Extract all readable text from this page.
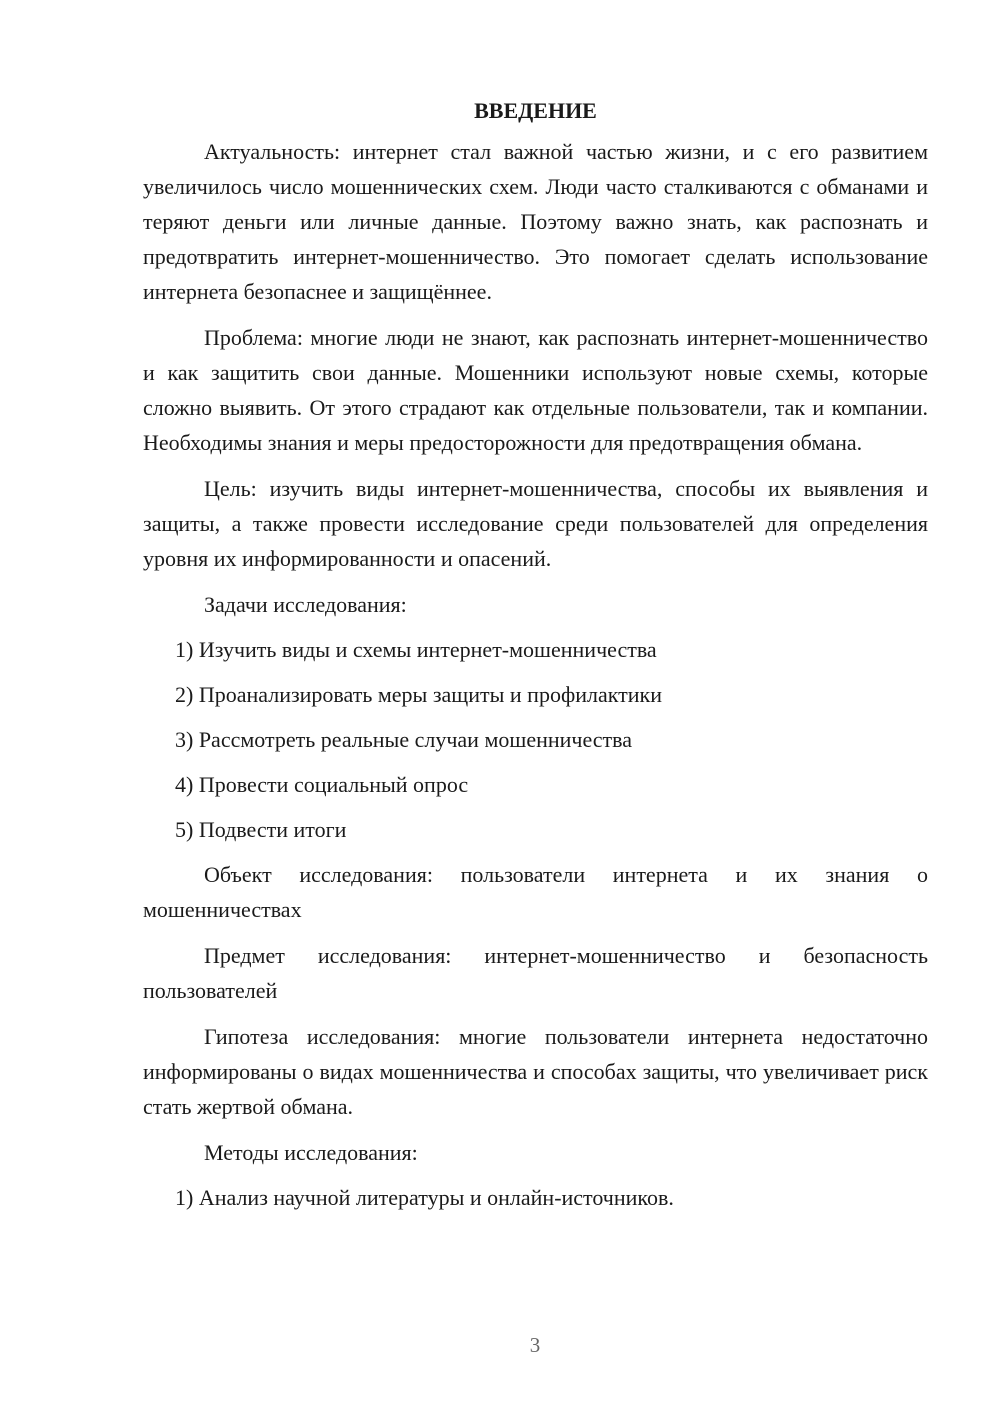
ВВЕДЕНИЕ

Актуальность: интернет стал важной частью жизни, и с его развитием увеличилось число мошеннических схем. Люди часто сталкиваются с обманами и теряют деньги или личные данные. Поэтому важно знать, как распознать и предотвратить интернет-мошенничество. Это помогает сделать использование интернета безопаснее и защищённее.

Проблема: многие люди не знают, как распознать интернет-мошенничество и как защитить свои данные. Мошенники используют новые схемы, которые сложно выявить. От этого страдают как отдельные пользователи, так и компании. Необходимы знания и меры предосторожности для предотвращения обмана.

Цель: изучить виды интернет-мошенничества, способы их выявления и защиты, а также провести исследование среди пользователей для определения уровня их информированности и опасений.

Задачи исследования:

1) Изучить виды и схемы интернет-мошенничества
2) Проанализировать меры защиты и профилактики
3) Рассмотреть реальные случаи мошенничества
4) Провести социальный опрос
5) Подвести итоги

Объект исследования: пользователи интернета и их знания о мошенничествах

Предмет исследования: интернет-мошенничество и безопасность пользователей

Гипотеза исследования: многие пользователи интернета недостаточно информированы о видах мошенничества и способах защиты, что увеличивает риск стать жертвой обмана.

Методы исследования:

1) Анализ научной литературы и онлайн-источников.
3
